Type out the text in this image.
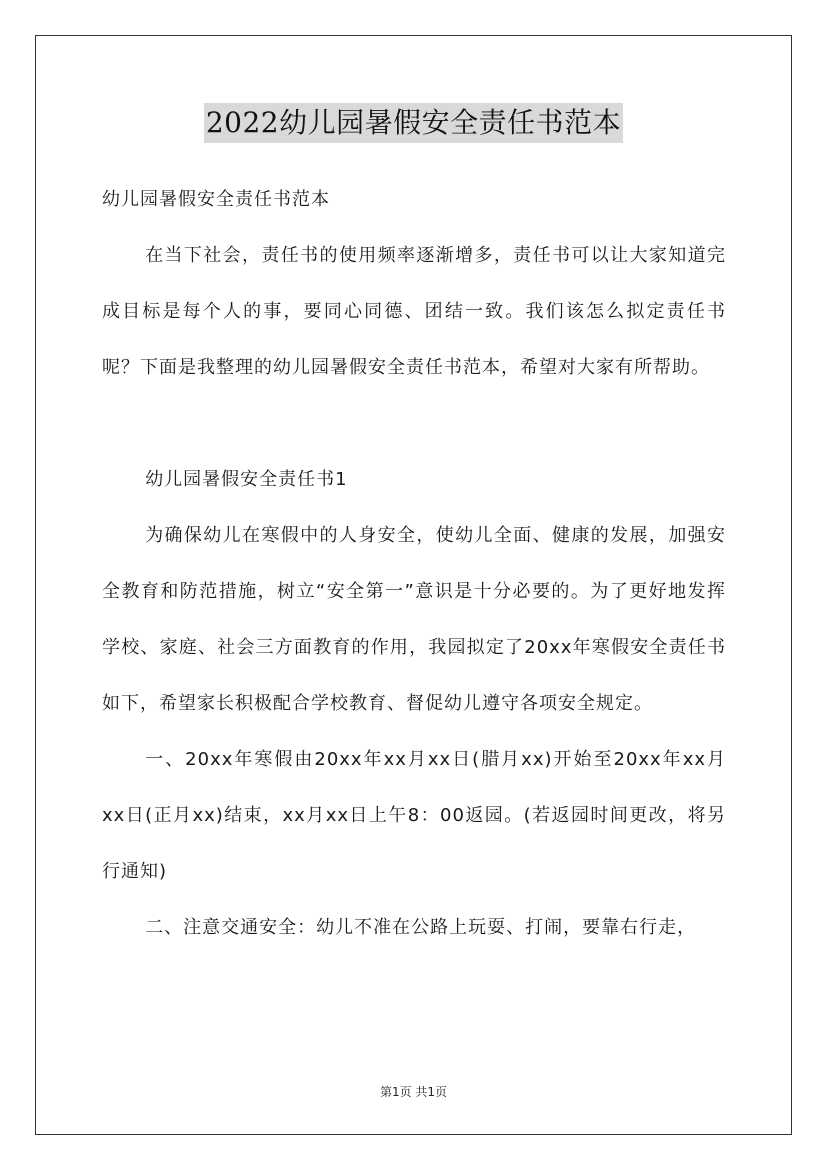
2022幼儿园暑假安全责任书范本

幼儿园暑假安全责任书范本

在当下社会，责任书的使用频率逐渐增多，责任书可以让大家知道完成目标是每个人的事，要同心同德、团结一致。我们该怎么拟定责任书呢？下面是我整理的幼儿园暑假安全责任书范本，希望对大家有所帮助。

幼儿园暑假安全责任书1

为确保幼儿在寒假中的人身安全，使幼儿全面、健康的发展，加强安全教育和防范措施，树立“安全第一”意识是十分必要的。为了更好地发挥学校、家庭、社会三方面教育的作用，我园拟定了20xx年寒假安全责任书如下，希望家长积极配合学校教育、督促幼儿遵守各项安全规定。

一、20xx年寒假由20xx年xx月xx日(腊月xx)开始至20xx年xx月xx日(正月xx)结束，xx月xx日上午8：00返园。(若返园时间更改，将另行通知)

二、注意交通安全：幼儿不准在公路上玩耍、打闹，要靠右行走，

第1页 共1页
